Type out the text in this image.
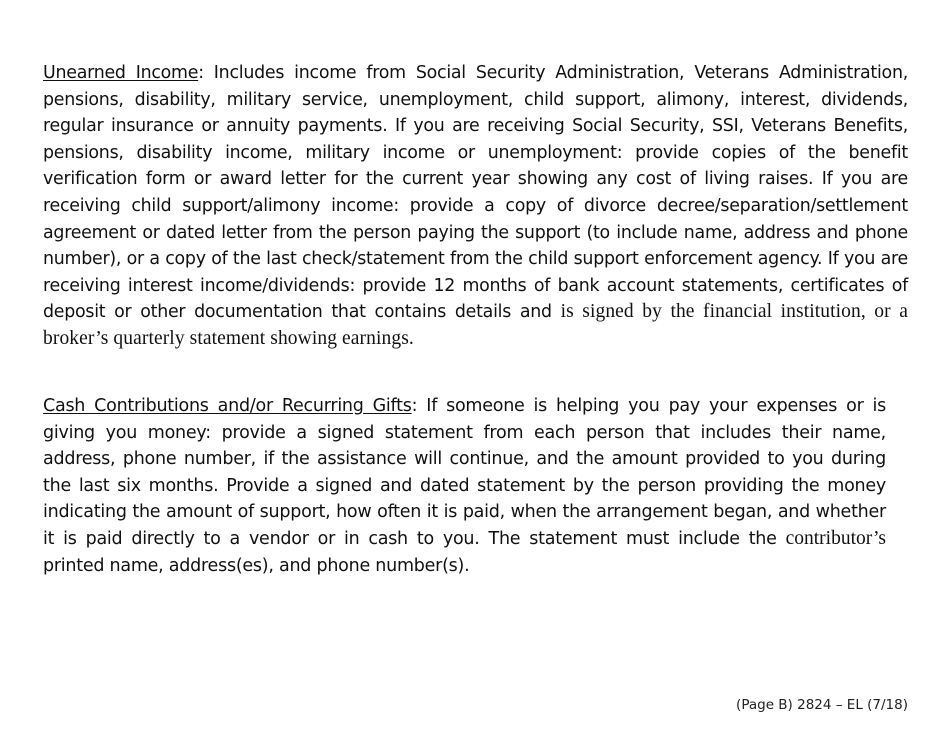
Unearned Income: Includes income from Social Security Administration, Veterans Administration, pensions, disability, military service, unemployment, child support, alimony, interest, dividends, regular insurance or annuity payments. If you are receiving Social Security, SSI, Veterans Benefits, pensions, disability income, military income or unemployment: provide copies of the benefit verification form or award letter for the current year showing any cost of living raises. If you are receiving child support/alimony income: provide a copy of divorce decree/separation/settlement agreement or dated letter from the person paying the support (to include name, address and phone number), or a copy of the last check/statement from the child support enforcement agency. If you are receiving interest income/dividends: provide 12 months of bank account statements, certificates of deposit or other documentation that contains details and is signed by the financial institution, or a broker’s quarterly statement showing earnings.

Cash Contributions and/or Recurring Gifts: If someone is helping you pay your expenses or is giving you money: provide a signed statement from each person that includes their name, address, phone number, if the assistance will continue, and the amount provided to you during the last six months. Provide a signed and dated statement by the person providing the money indicating the amount of support, how often it is paid, when the arrangement began, and whether it is paid directly to a vendor or in cash to you. The statement must include the contributor’s printed name, address(es), and phone number(s).

(Page B) 2824 – EL (7/18)
